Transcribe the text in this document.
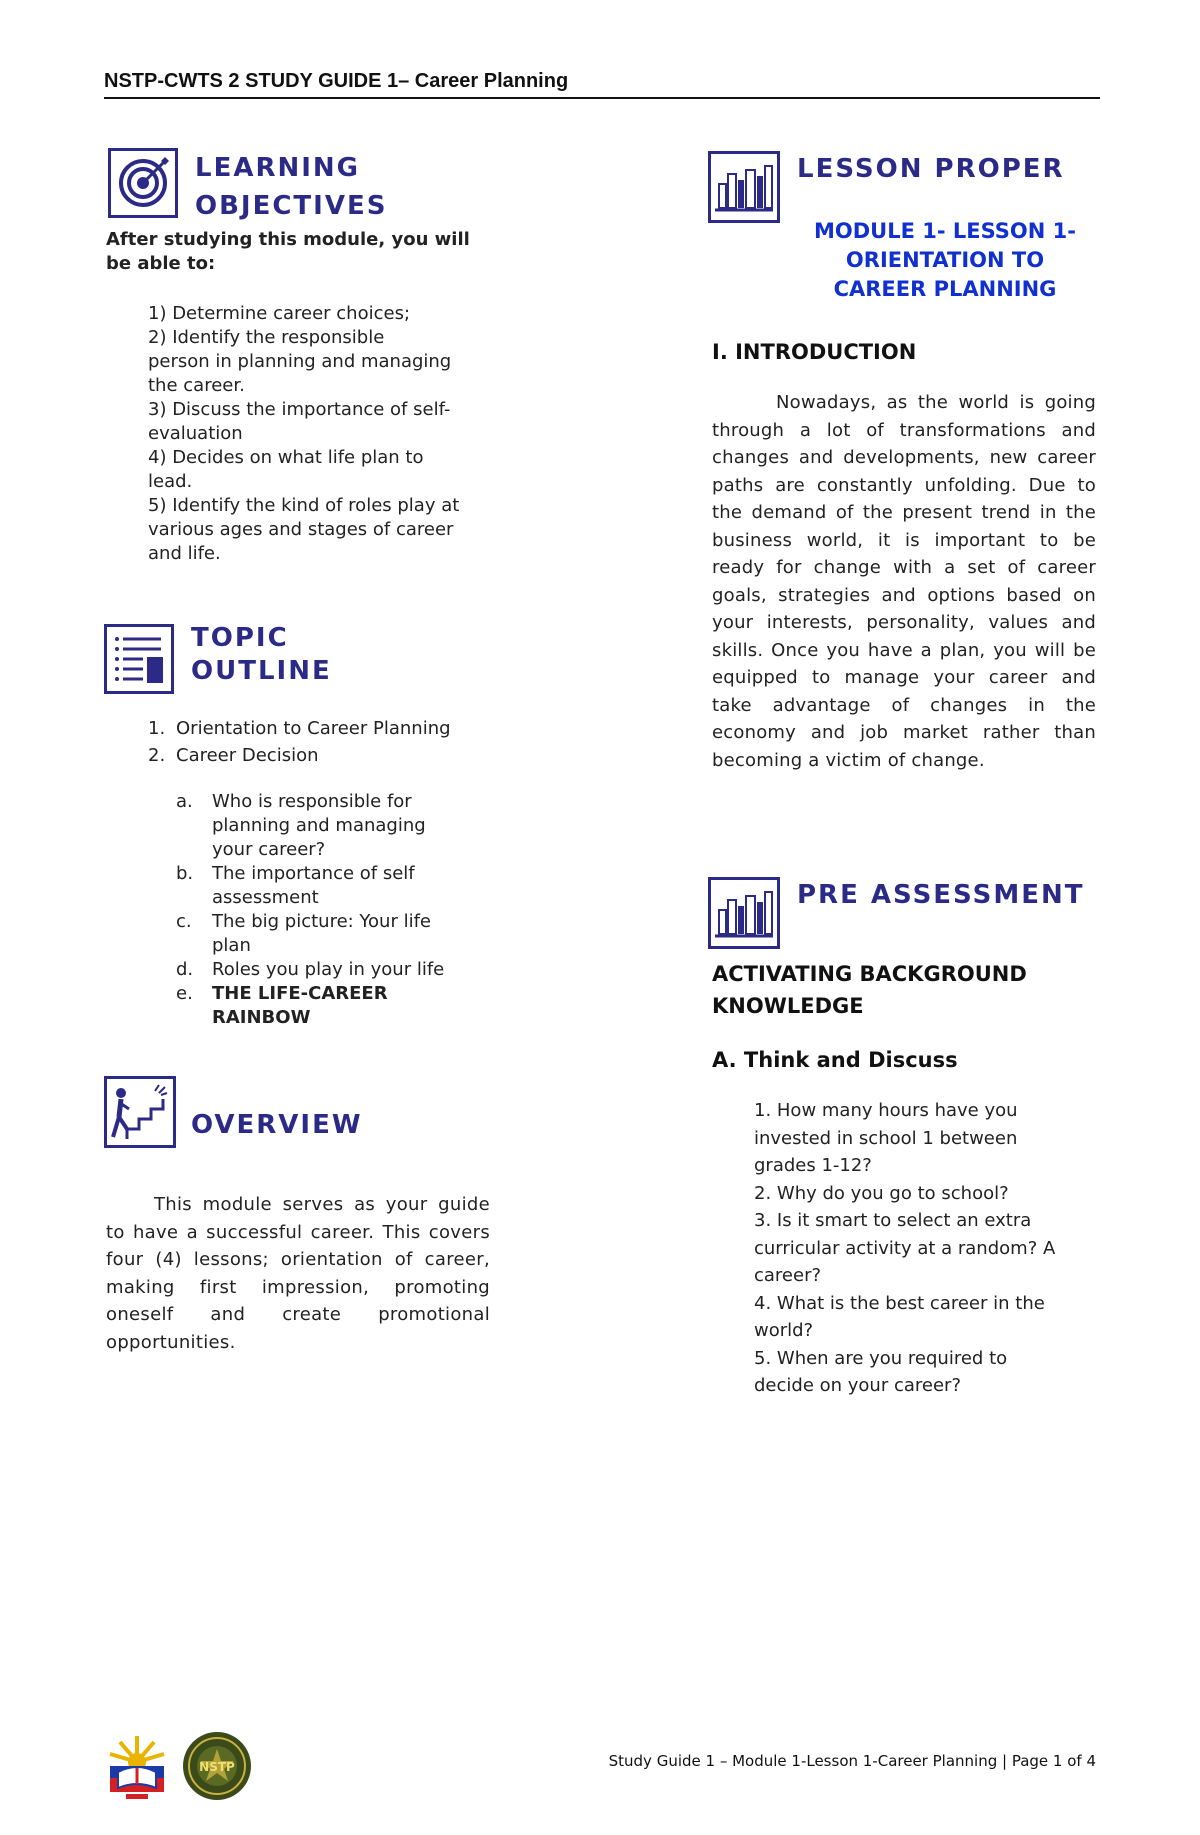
NSTP-CWTS 2 STUDY GUIDE 1– Career Planning
LEARNING
OBJECTIVES
After studying this module, you will
be able to:
1) Determine career choices;
2) Identify the responsible
person in planning and managing
the career.
3) Discuss the importance of self-
evaluation
4) Decides on what life plan to
lead.
5) Identify the kind of roles play at
various ages and stages of career
and life.
TOPIC
OUTLINE
1. Orientation to Career Planning
2. Career Decision
a.	Who is responsible for
planning and managing
your career?
b.	The importance of self
assessment
c.	The big picture: Your life
plan
d.	Roles you play in your life
e.	THE LIFE-CAREER
RAINBOW
OVERVIEW
This module serves as your guide to have a successful career. This covers four (4) lessons; orientation of career, making first impression, promoting oneself and create promotional opportunities.
LESSON PROPER
MODULE 1- LESSON 1-
ORIENTATION TO
CAREER PLANNING
I. INTRODUCTION
Nowadays, as the world is going through a lot of transformations and changes and developments, new career paths are constantly unfolding. Due to the demand of the present trend in the business world, it is important to be ready for change with a set of career goals, strategies and options based on your interests, personality, values and skills. Once you have a plan, you will be equipped to manage your career and take advantage of changes in the economy and job market rather than becoming a victim of change.
PRE ASSESSMENT
ACTIVATING BACKGROUND
KNOWLEDGE
A. Think and Discuss
1. How many hours have you
invested in school 1 between
grades 1-12?
2. Why do you go to school?
3. Is it smart to select an extra
curricular activity at a random? A
career?
4. What is the best career in the
world?
5. When are you required to
decide on your career?
NSTP	Study Guide 1 – Module 1-Lesson 1-Career Planning | Page 1 of 4
